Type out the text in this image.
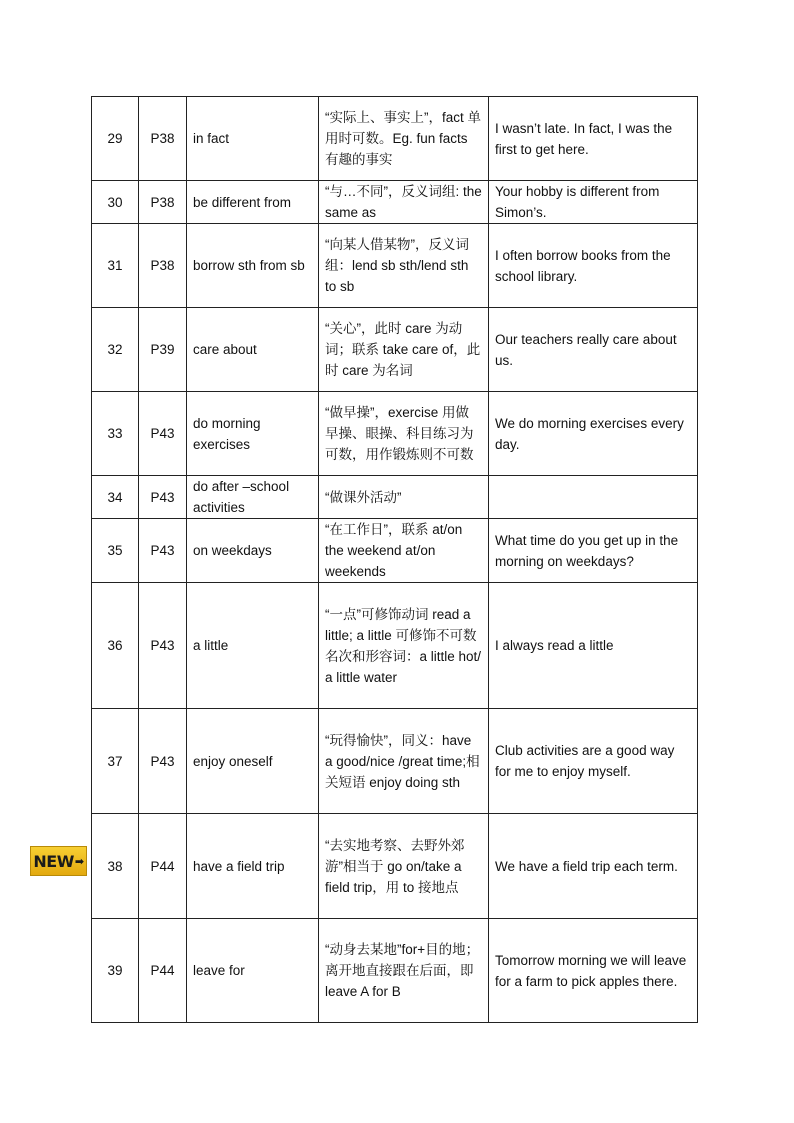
NEW ➡
29	P38	in fact	“实际上、事实上”，fact 单用时可数。Eg. fun facts 有趣的事实	I wasn’t late. In fact, I was the first to get here.
30	P38	be different from	“与…不同”，反义词组: the same as	Your hobby is different from Simon’s.
31	P38	borrow sth from sb	“向某人借某物”，反义词组：lend sb sth/lend sth to sb	I often borrow books from the school library.
32	P39	care about	“关心”，此时 care 为动词；联系 take care of，此时 care 为名词	Our teachers really care about us.
33	P43	do morning exercises	“做早操”，exercise 用做早操、眼操、科目练习为可数，用作锻炼则不可数	We do morning exercises every day.
34	P43	do after –school activities	“做课外活动”	
35	P43	on weekdays	“在工作日”，联系 at/on the weekend at/on weekends	What time do you get up in the morning on weekdays?
36	P43	a little	“一点”可修饰动词 read a little; a little 可修饰不可数名次和形容词：a little hot/ a little water	I always read a little
37	P43	enjoy oneself	“玩得愉快”，同义：have a good/nice /great time;相关短语 enjoy doing sth	Club activities are a good way for me to enjoy myself.
38	P44	have a field trip	“去实地考察、去野外郊游”相当于 go on/take a field trip，用 to 接地点	We have a field trip each term.
39	P44	leave for	“动身去某地”for+目的地；离开地直接跟在后面，即 leave A for B	Tomorrow morning we will leave for a farm to pick apples there.
